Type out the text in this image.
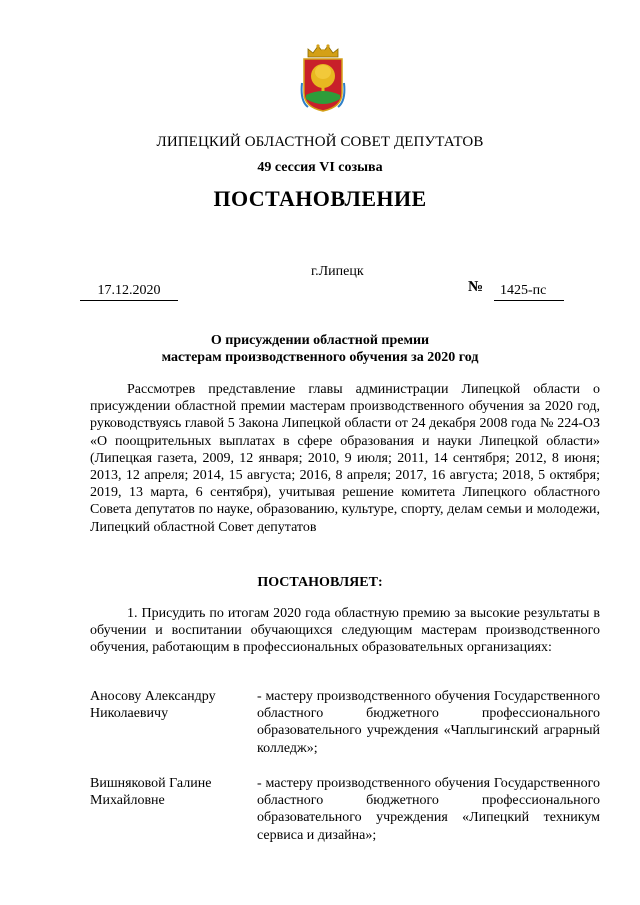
ЛИПЕЦКИЙ ОБЛАСТНОЙ СОВЕТ ДЕПУТАТОВ
49 сессия VI созыва
ПОСТАНОВЛЕНИЕ
г.Липецк
17.12.2020	№	1425-пс
О присуждении областной премии
мастерам производственного обучения за 2020 год
Рассмотрев представление главы администрации Липецкой области о присуждении областной премии мастерам производственного обучения за 2020 год, руководствуясь главой 5 Закона Липецкой области от 24 декабря 2008 года № 224-ОЗ «О поощрительных выплатах в сфере образования и науки Липецкой области» (Липецкая газета, 2009, 12 января; 2010, 9 июля; 2011, 14 сентября; 2012, 8 июня; 2013, 12 апреля; 2014, 15 августа; 2016, 8 апреля; 2017, 16 августа; 2018, 5 октября; 2019, 13 марта, 6 сентября), учитывая решение комитета Липецкого областного Совета депутатов по науке, образованию, культуре, спорту, делам семьи и молодежи, Липецкий областной Совет депутатов
ПОСТАНОВЛЯЕТ:
1. Присудить по итогам 2020 года областную премию за высокие результаты в обучении и воспитании обучающихся следующим мастерам производственного обучения, работающим в профессиональных образовательных организациях:
Аносову Александру
Николаевичу
- мастеру производственного обучения Государственного областного бюджетного профессионального образовательного учреждения «Чаплыгинский аграрный колледж»;
Вишняковой Галине
Михайловне
- мастеру производственного обучения Государственного областного бюджетного профессионального образовательного учреждения «Липецкий техникум сервиса и дизайна»;
